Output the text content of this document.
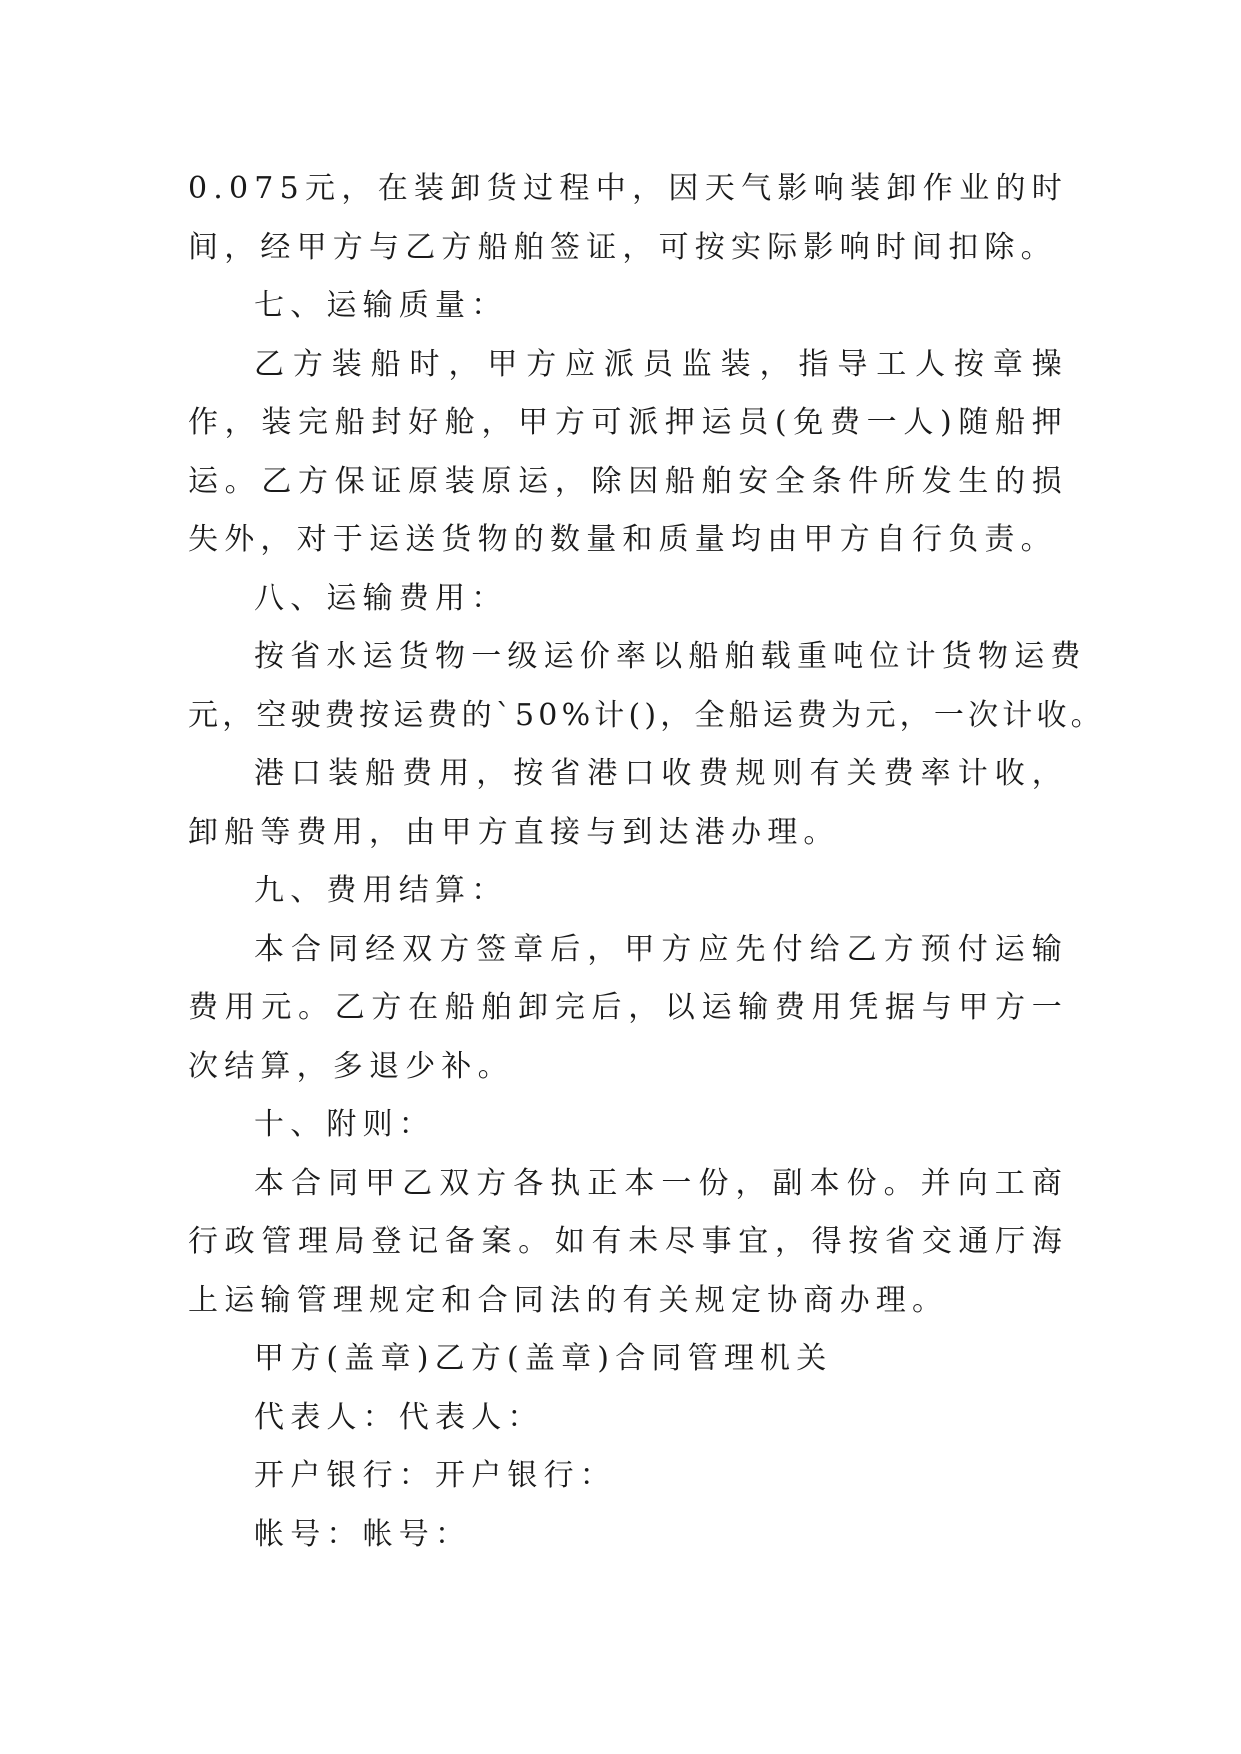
0.075元，在装卸货过程中，因天气影响装卸作业的时间，经甲方与乙方船舶签证，可按实际影响时间扣除。

七、运输质量：

乙方装船时，甲方应派员监装，指导工人按章操作，装完船封好舱，甲方可派押运员(免费一人)随船押运。乙方保证原装原运，除因船舶安全条件所发生的损失外，对于运送货物的数量和质量均由甲方自行负责。

八、运输费用：

按省水运货物一级运价率以船舶载重吨位计货物运费

元，空驶费按运费的`50%计()，全船运费为元，一次计收。

港口装船费用，按省港口收费规则有关费率计收，卸船等费用，由甲方直接与到达港办理。

九、费用结算：

本合同经双方签章后，甲方应先付给乙方预付运输费用元。乙方在船舶卸完后，以运输费用凭据与甲方一次结算，多退少补。

十、附则：

本合同甲乙双方各执正本一份，副本份。并向工商行政管理局登记备案。如有未尽事宜，得按省交通厅海上运输管理规定和合同法的有关规定协商办理。

甲方(盖章)乙方(盖章)合同管理机关

代表人：代表人：

开户银行：开户银行：

帐号：帐号：
